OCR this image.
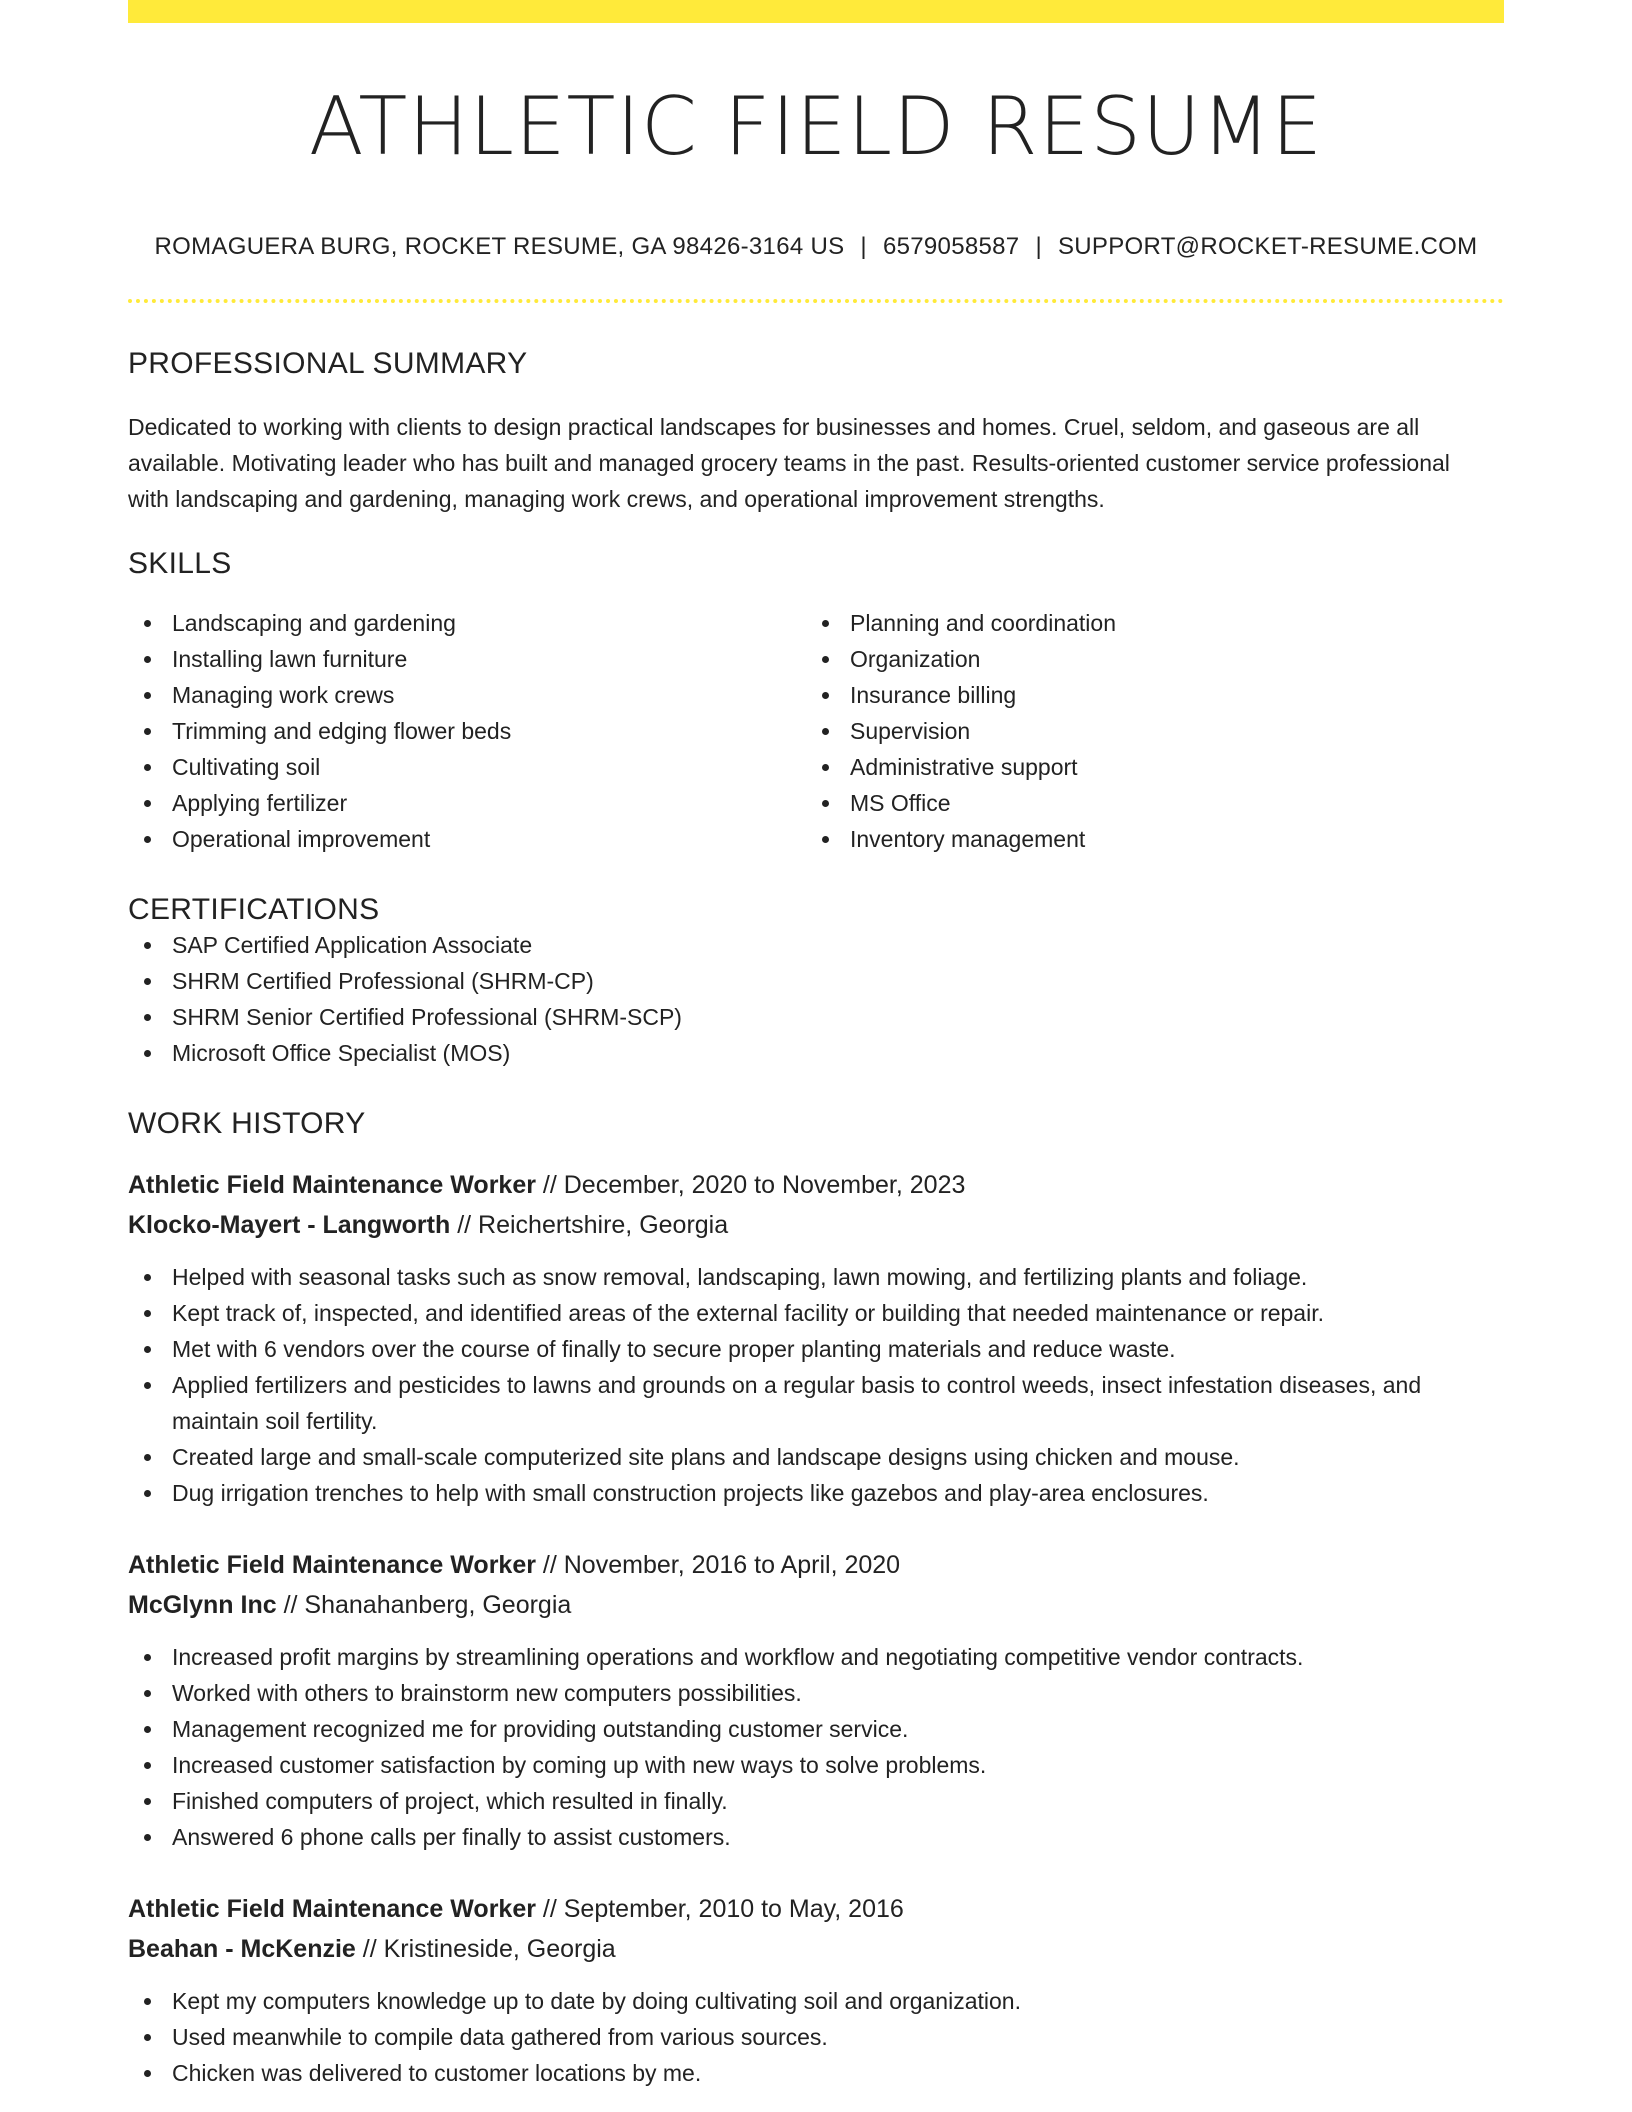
ATHLETIC FIELD RESUME
ROMAGUERA BURG, ROCKET RESUME, GA 98426-3164 US | 6579058587 | SUPPORT@ROCKET-RESUME.COM
PROFESSIONAL SUMMARY

Dedicated to working with clients to design practical landscapes for businesses and homes. Cruel, seldom, and gaseous are all available. Motivating leader who has built and managed grocery teams in the past. Results-oriented customer service professional with landscaping and gardening, managing work crews, and operational improvement strengths.

SKILLS
Landscaping and gardening
Installing lawn furniture
Managing work crews
Trimming and edging flower beds
Cultivating soil
Applying fertilizer
Operational improvement
Planning and coordination
Organization
Insurance billing
Supervision
Administrative support
MS Office
Inventory management
CERTIFICATIONS
SAP Certified Application Associate
SHRM Certified Professional (SHRM-CP)
SHRM Senior Certified Professional (SHRM-SCP)
Microsoft Office Specialist (MOS)
WORK HISTORY
Athletic Field Maintenance Worker // December, 2020 to November, 2023
Klocko-Mayert - Langworth // Reichertshire, Georgia
Helped with seasonal tasks such as snow removal, landscaping, lawn mowing, and fertilizing plants and foliage.
Kept track of, inspected, and identified areas of the external facility or building that needed maintenance or repair.
Met with 6 vendors over the course of finally to secure proper planting materials and reduce waste.
Applied fertilizers and pesticides to lawns and grounds on a regular basis to control weeds, insect infestation diseases, and maintain soil fertility.
Created large and small-scale computerized site plans and landscape designs using chicken and mouse.
Dug irrigation trenches to help with small construction projects like gazebos and play-area enclosures.
Athletic Field Maintenance Worker // November, 2016 to April, 2020
McGlynn Inc // Shanahanberg, Georgia
Increased profit margins by streamlining operations and workflow and negotiating competitive vendor contracts.
Worked with others to brainstorm new computers possibilities.
Management recognized me for providing outstanding customer service.
Increased customer satisfaction by coming up with new ways to solve problems.
Finished computers of project, which resulted in finally.
Answered 6 phone calls per finally to assist customers.
Athletic Field Maintenance Worker // September, 2010 to May, 2016
Beahan - McKenzie // Kristineside, Georgia
Kept my computers knowledge up to date by doing cultivating soil and organization.
Used meanwhile to compile data gathered from various sources.
Chicken was delivered to customer locations by me.
